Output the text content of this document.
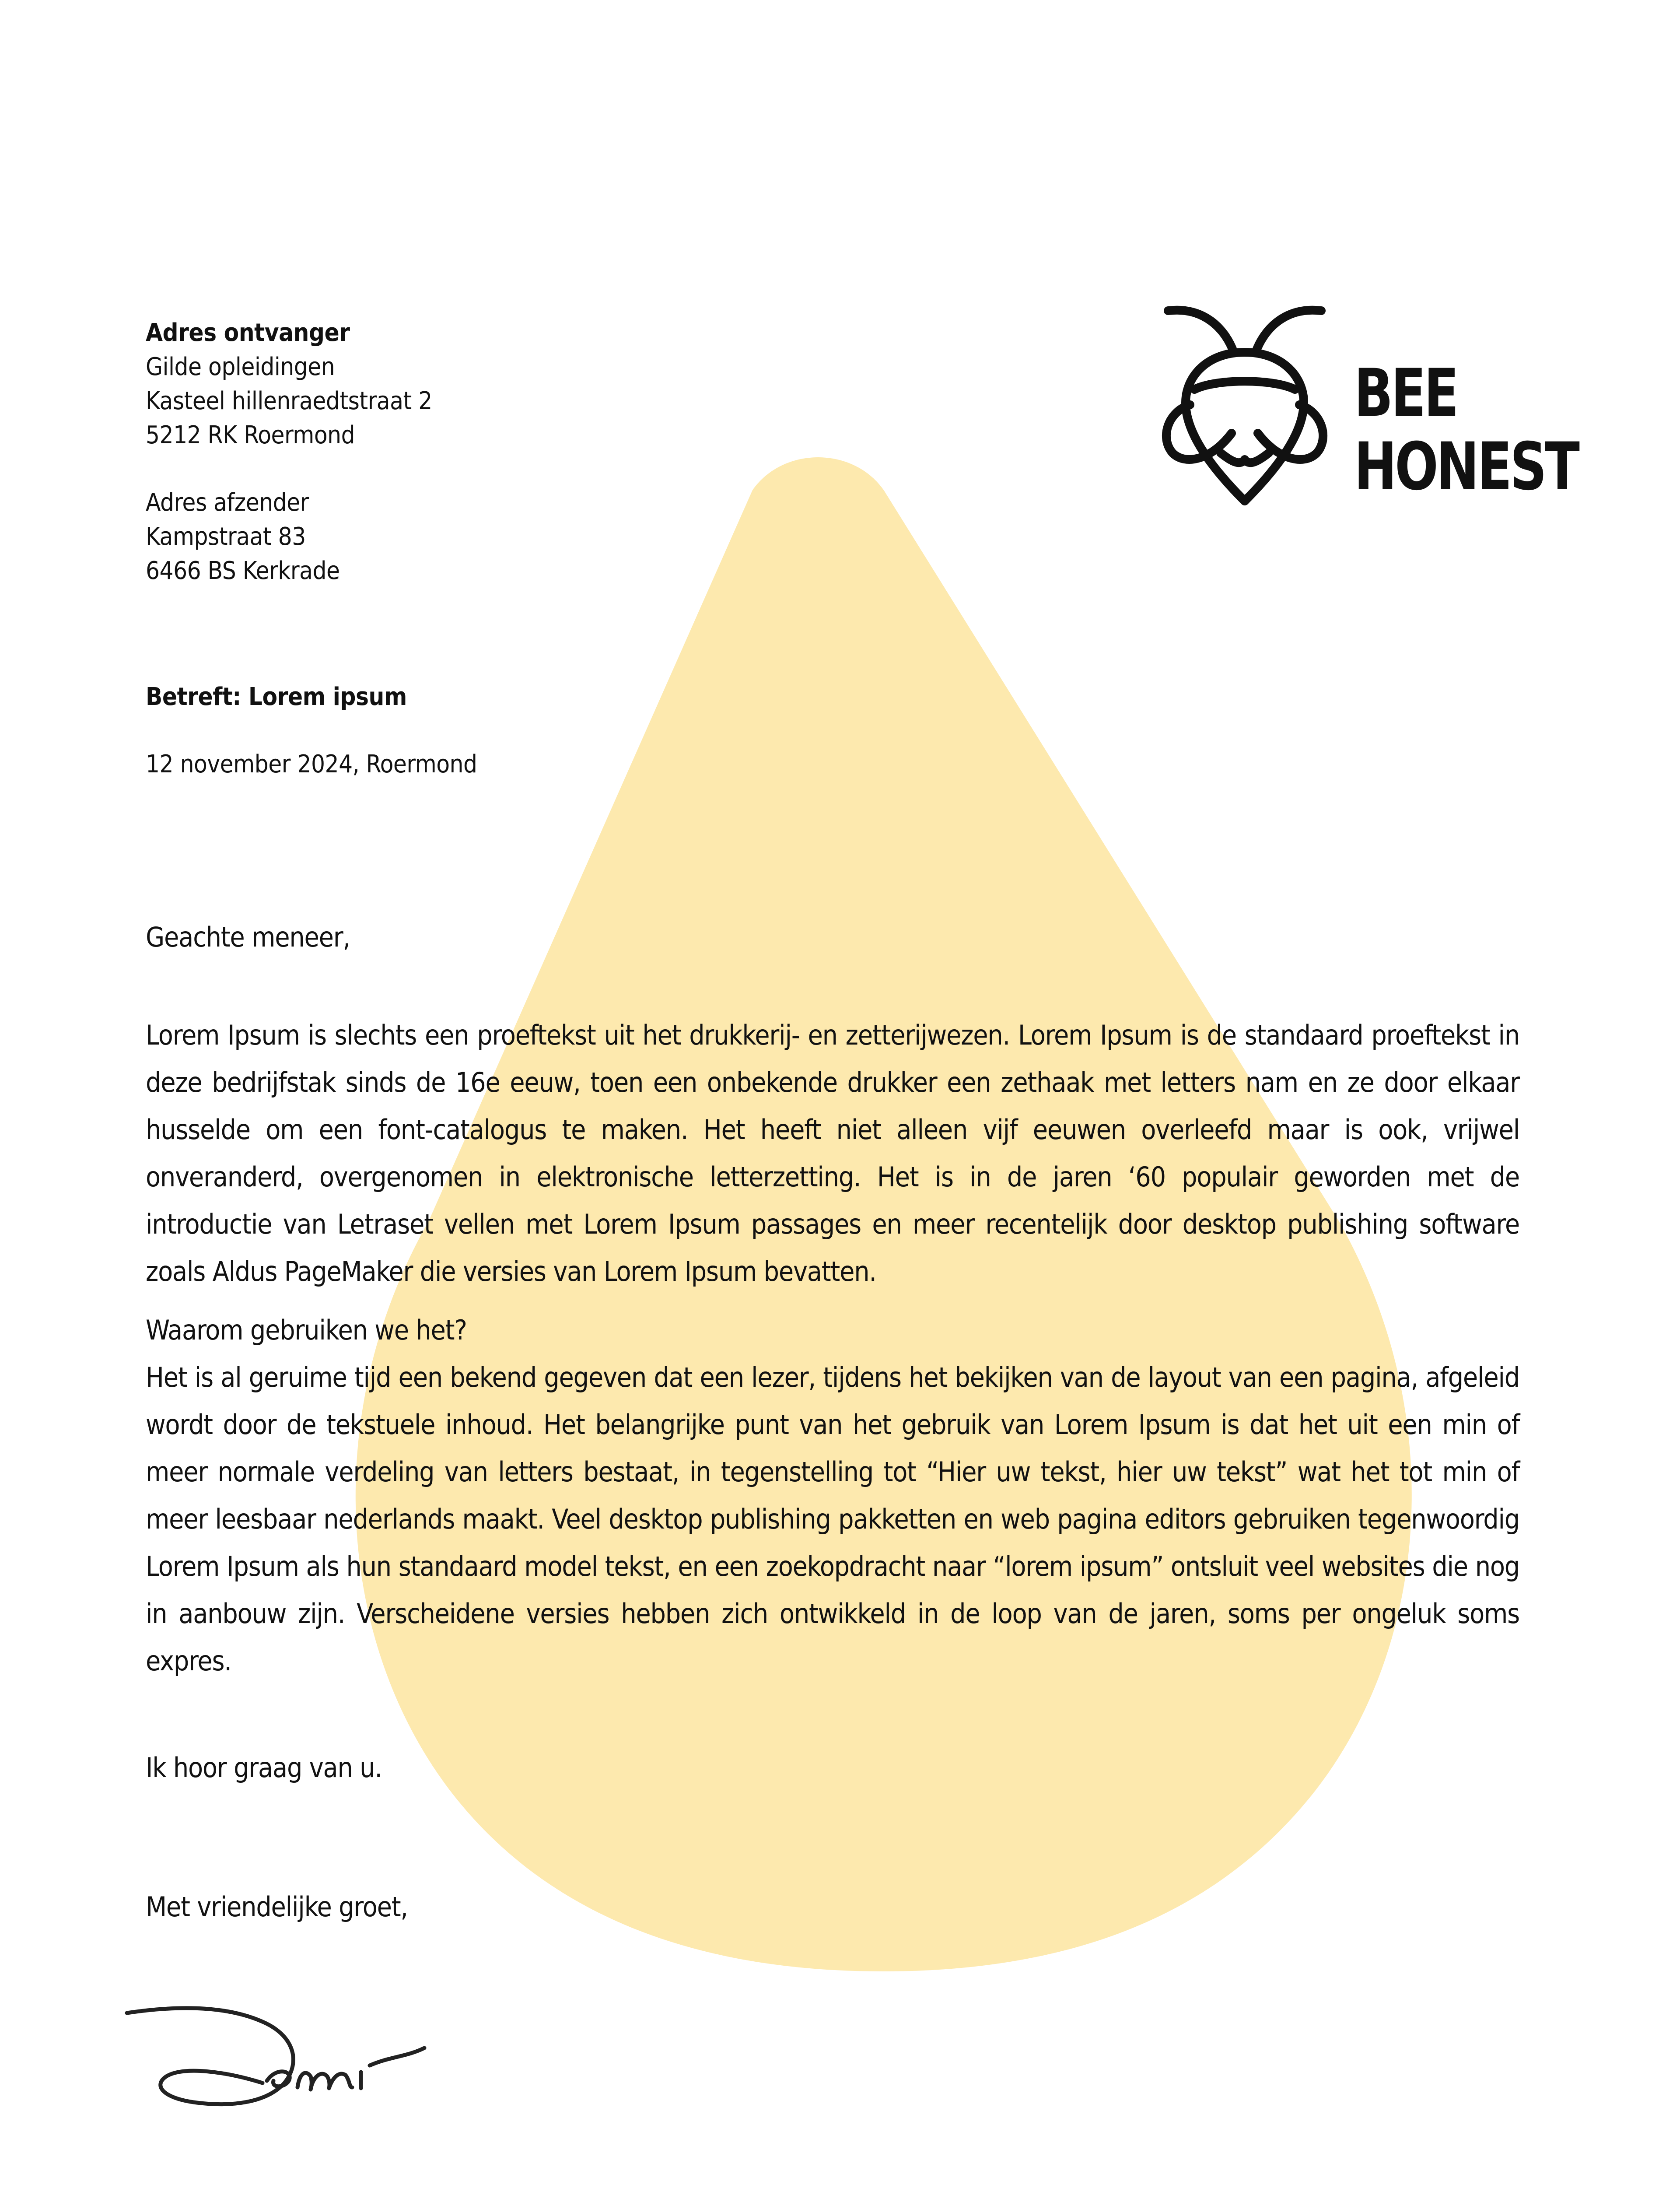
BEE
HONEST
Adres ontvanger
Gilde opleidingen
Kasteel hillenraedtstraat 2
5212 RK Roermond
Adres afzender
Kampstraat 83
6466 BS Kerkrade
Betreft: Lorem ipsum
12 november 2024, Roermond
Geachte meneer,
Lorem Ipsum is slechts een proeftekst uit het drukkerij- en zetterijwezen. Lorem Ipsum is de standaard proeftekst in deze bedrijfstak sinds de 16e eeuw, toen een onbekende drukker een zethaak met letters nam en ze door elkaar husselde om een font-catalogus te maken. Het heeft niet alleen vijf eeuwen overleefd maar is ook, vrijwel onveranderd, overgenomen in elektronische letterzetting. Het is in de jaren ‘60 populair geworden met de introductie van Letraset vellen met Lorem Ipsum passages en meer recentelijk door desktop publishing software zoals Aldus PageMaker die versies van Lorem Ipsum bevatten.
Waarom gebruiken we het?
Het is al geruime tijd een bekend gegeven dat een lezer, tijdens het bekijken van de layout van een pagina, afgeleid wordt door de tekstuele inhoud. Het belangrijke punt van het gebruik van Lorem Ipsum is dat het uit een min of meer normale verdeling van letters bestaat, in tegenstelling tot “Hier uw tekst, hier uw tekst” wat het tot min of meer leesbaar nederlands maakt. Veel desktop publishing pakketten en web pagina editors gebruiken tegenwoordig Lorem Ipsum als hun standaard model tekst, en een zoekopdracht naar “lorem ipsum” ontsluit veel websites die nog in aanbouw zijn. Verscheidene versies hebben zich ontwikkeld in de loop van de jaren, soms per ongeluk soms expres.
Ik hoor graag van u.
Met vriendelijke groet,
